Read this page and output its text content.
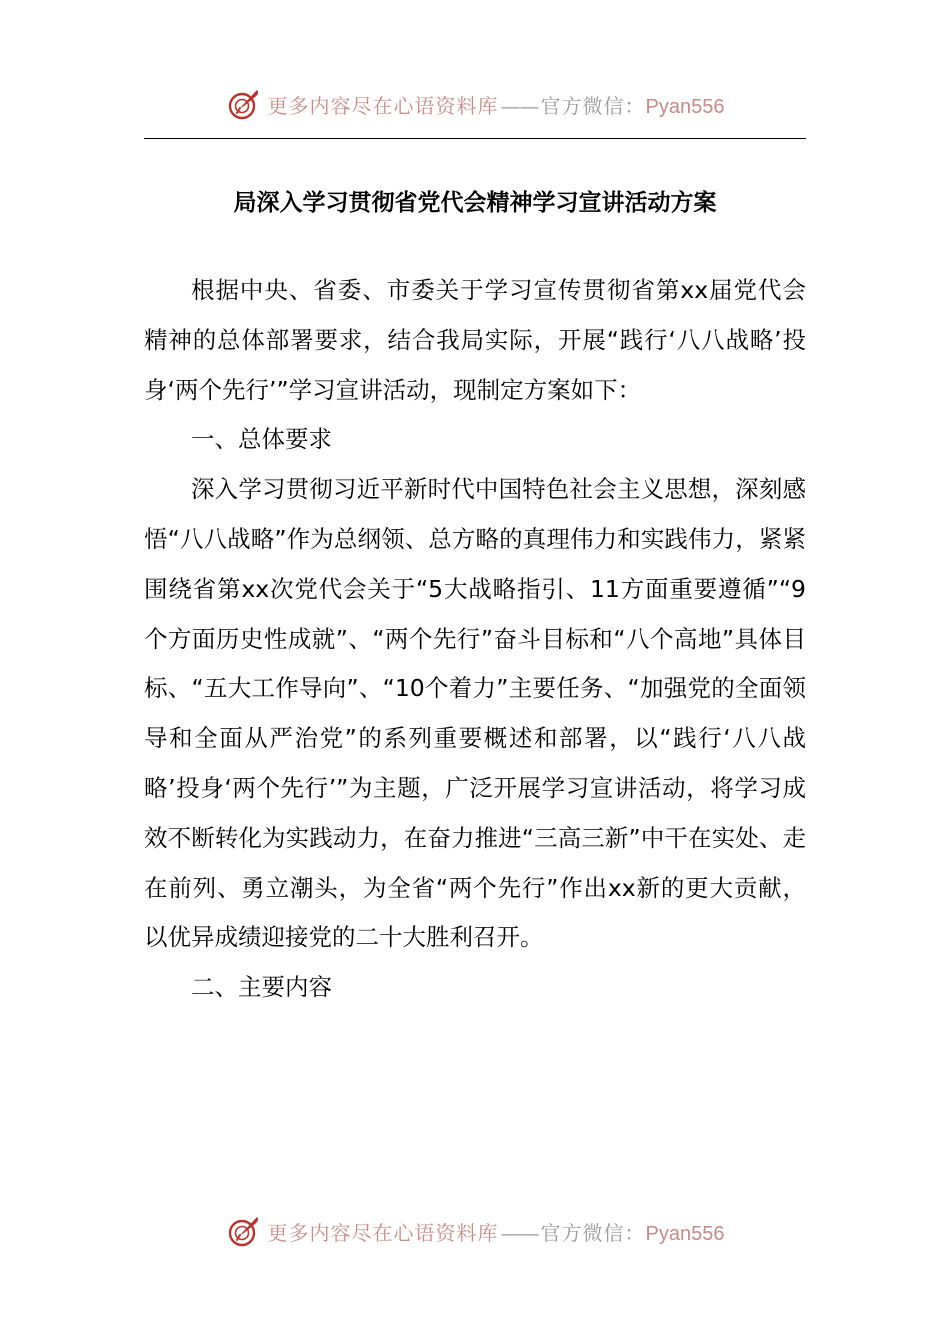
更多内容尽在心语资料库 —— 官方微信：Pyan556
局深入学习贯彻省党代会精神学习宣讲活动方案

根据中央、省委、市委关于学习宣传贯彻省第xx届党代会精神的总体部署要求，结合我局实际，开展“践行‘八八战略’投身‘两个先行’”学习宣讲活动，现制定方案如下：

一、总体要求

深入学习贯彻习近平新时代中国特色社会主义思想，深刻感悟“八八战略”作为总纲领、总方略的真理伟力和实践伟力，紧紧围绕省第xx次党代会关于“5大战略指引、11方面重要遵循”“9个方面历史性成就”、“两个先行”奋斗目标和“八个高地”具体目标、“五大工作导向”、“10个着力”主要任务、“加强党的全面领导和全面从严治党”的系列重要概述和部署，以“践行‘八八战略’投身‘两个先行’”为主题，广泛开展学习宣讲活动，将学习成效不断转化为实践动力，在奋力推进“三高三新”中干在实处、走在前列、勇立潮头，为全省“两个先行”作出xx新的更大贡献，以优异成绩迎接党的二十大胜利召开。

二、主要内容

更多内容尽在心语资料库 —— 官方微信：Pyan556
